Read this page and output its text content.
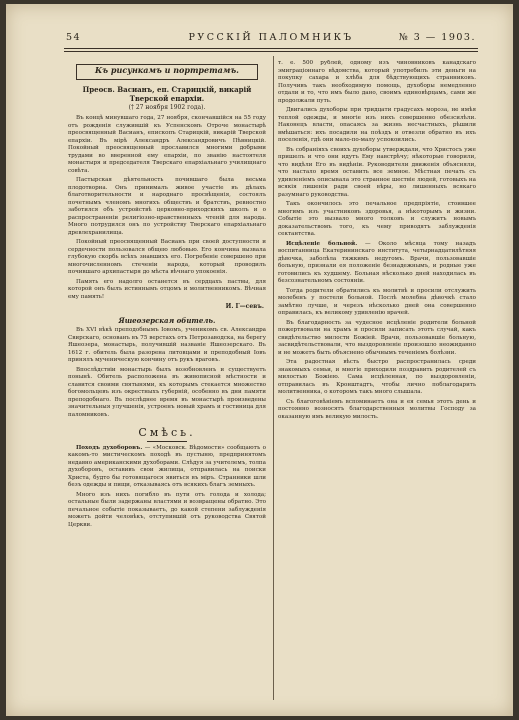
54	РУССКІЙ ПАЛОМНИКЪ	№ 3 — 1903.
Къ рисункамъ и портретамъ.
Преосв. Васианъ, еп. Старицкій, викарій Тверской епархіи.
(† 27 ноября 1902 года).

Въ концѣ минувшаго года, 27 ноября, скончавшійся на 55 году отъ рожденія служившій къ Успенскомъ Отроче монастырѣ преосвященный Васианъ, епископъ Старицкій, викарій Тверской епархіи. Въ мірѣ Александръ Александровичъ Пѣвницкій. Покойный преосвященный прославился многими добрыми трудами во вверенной ему епархіи, по званію настоятеля монастыря и председателя Тверскаго епархіальнаго училищнаго совѣта.

Пастырская дѣятельность почившаго была весьма плодотворна. Онъ принималъ живое участіе въ дѣлахъ благотворительности и народнаго просвѣщенія, состоялъ почетнымъ членомъ многихъ обществъ и братствъ, ревностно заботился объ устройствѣ церковно-приходскихъ школъ и о распространеніи религіозно-нравственныхъ чтеній для народа. Много потрудился онъ по устройству Тверскаго епархіальнаго древлехранилища.

Покойный преосвященный Васианъ при своей доступности и сердечности пользовался общею любовью. Его кончина вызвала глубокую скорбь всѣхъ знавшихъ его. Погребеніе совершено при многочисленномъ стеченіи народа, который проводилъ почившаго архипастыря до мѣста вѣчнаго упокоенія.

Память его надолго останется въ сердцахъ паствы, для которой онъ былъ истиннымъ отцомъ и молитвенникомъ. Вѣчная ему память!

И. Г—севъ.
Яшеозерская обитель.

Въ XVI вѣкѣ преподобнымъ Іовомъ, ученикомъ св. Александра Свирскаго, основанъ въ 75 верстахъ отъ Петрозаводска, на берегу Яшеозера, монастырь, получившій названіе Яшеозерскаго. Въ 1612 г. обитель была разорена литовцами и преподобный Іовъ принялъ мученическую кончину отъ рукъ враговъ.

Впослѣдствіи монастырь былъ возобновленъ и существуетъ понынѣ. Обитель расположена въ живописной мѣстности и славится своими святынями, къ которымъ стекается множество богомольцевъ изъ окрестныхъ губерній, особенно въ дни памяти преподобнаго. Въ послѣднее время въ монастырѣ произведены значительныя улучшенія, устроенъ новый храмъ и гостиница для паломниковъ.

Смѣсь.

Походъ духоборовъ. — «Московск. Вѣдомости» сообщаютъ о какомъ-то мистическомъ походѣ въ пустыню, предпринятомъ недавно американскими духоборами. Слѣдуя за учителемъ, толпа духоборовъ, оставивъ свои жилища, отправилась на поиски Христа, будто бы готовящагося явиться въ міръ. Странники шли безъ одежды и пищи, отказываясь отъ всякихъ благъ земныхъ.

Много изъ нихъ погибло въ пути отъ голода и холода; остальные были задержаны властями и возвращены обратно. Это печальное событіе показываетъ, до какой степени заблужденія можетъ дойти человѣкъ, отступившій отъ руководства Святой Церкви.

т. е. 500 рублей, одному изъ чиновниковъ канадскаго эмиграціоннаго вѣдомства, который употребилъ эти деньги на покупку сахара и хлѣба для бѣдствующихъ странниковъ. Получивъ такъ необходимую помощь, духоборы немедленно отдали и то, что имъ было дано, своимъ единовѣрцамъ, сами же продолжали путь.

Двигались духоборы при тридцати градусахъ мороза, не имѣя теплой одежды, и многіе изъ нихъ совершенно обезсилѣли. Наконецъ власти, опасаясь за жизнь несчастныхъ, рѣшили вмѣшаться: ихъ посадили на поѣздъ и отвезли обратно въ ихъ поселенія, гдѣ они мало-по-малу успокоились.

Въ собраніяхъ своихъ духоборы утверждали, что Христосъ уже пришелъ и что они идутъ Ему навстрѣчу; нѣкоторые говорили, что видѣли Его въ видѣніи. Руководители движенія объясняли, что настало время оставить все земное. Мѣстная печать съ удивленіемъ описывала это странное шествіе людей, готовыхъ на всякія лишенія ради своей вѣры, но лишенныхъ всякаго разумнаго руководства.

Такъ окончилось это печальное предпріятіе, стоившее многимъ изъ участниковъ здоровья, а нѣкоторымъ и жизни. Событіе это вызвало много толковъ и служитъ новымъ доказательствомъ того, къ чему приводятъ заблужденія сектантства.

Исцѣленіе больной. — Около мѣсяца тому назадъ воспитанница Екатерининскаго института, четырнадцатилѣтняя дѣвочка, заболѣла тяжкимъ недугомъ. Врачи, пользовавшіе больную, признали ея положеніе безнадежнымъ, и родные уже готовились къ худшему. Больная нѣсколько дней находилась въ безсознательномъ состояніи.

Тогда родители обратились къ молитвѣ и просили отслужить молебенъ у постели больной. Послѣ молебна дѣвочкѣ стало замѣтно лучше, и черезъ нѣсколько дней она совершенно оправилась, къ великому удивленію врачей.

Въ благодарность за чудесное исцѣленіе родители больной пожертвовали на храмъ и просили записать этотъ случай, какъ свидѣтельство милости Божіей. Врачи, пользовавшіе больную, засвидѣтельствовали, что выздоровленіе произошло неожиданно и не можетъ быть объяснено обычнымъ теченіемъ болѣзни.

Эта радостная вѣсть быстро распространилась среди знакомыхъ семьи, и многіе приходили поздравить родителей съ милостью Божіею. Сама исцѣленная, по выздоровленіи, отправилась въ Кронштадтъ, чтобы лично поблагодарить молитвенника, о которомъ такъ много слышала.

Съ благоговѣніемъ вспоминаетъ она и ея семья этотъ день и постоянно возносятъ благодарственныя молитвы Господу за оказанную имъ великую милость.
